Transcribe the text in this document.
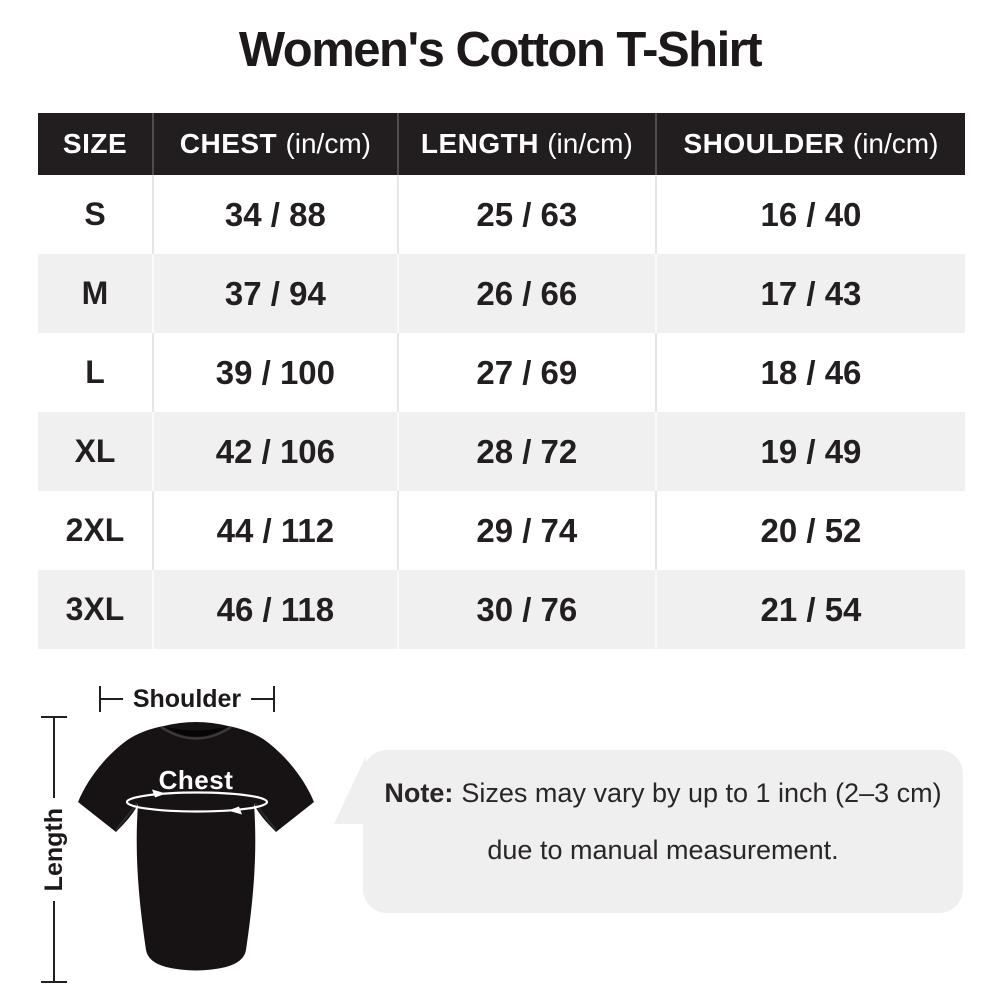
Women's Cotton T-Shirt
SIZE	CHEST (in/cm)	LENGTH (in/cm)	SHOULDER (in/cm)
S	34 / 88	25 / 63	16 / 40
M	37 / 94	26 / 66	17 / 43
L	39 / 100	27 / 69	18 / 46
XL	42 / 106	28 / 72	19 / 49
2XL	44 / 112	29 / 74	20 / 52
3XL	46 / 118	30 / 76	21 / 54
Shoulder
Length
Chest	Note: Sizes may vary by up to 1 inch (2–3 cm)

due to manual measurement.
